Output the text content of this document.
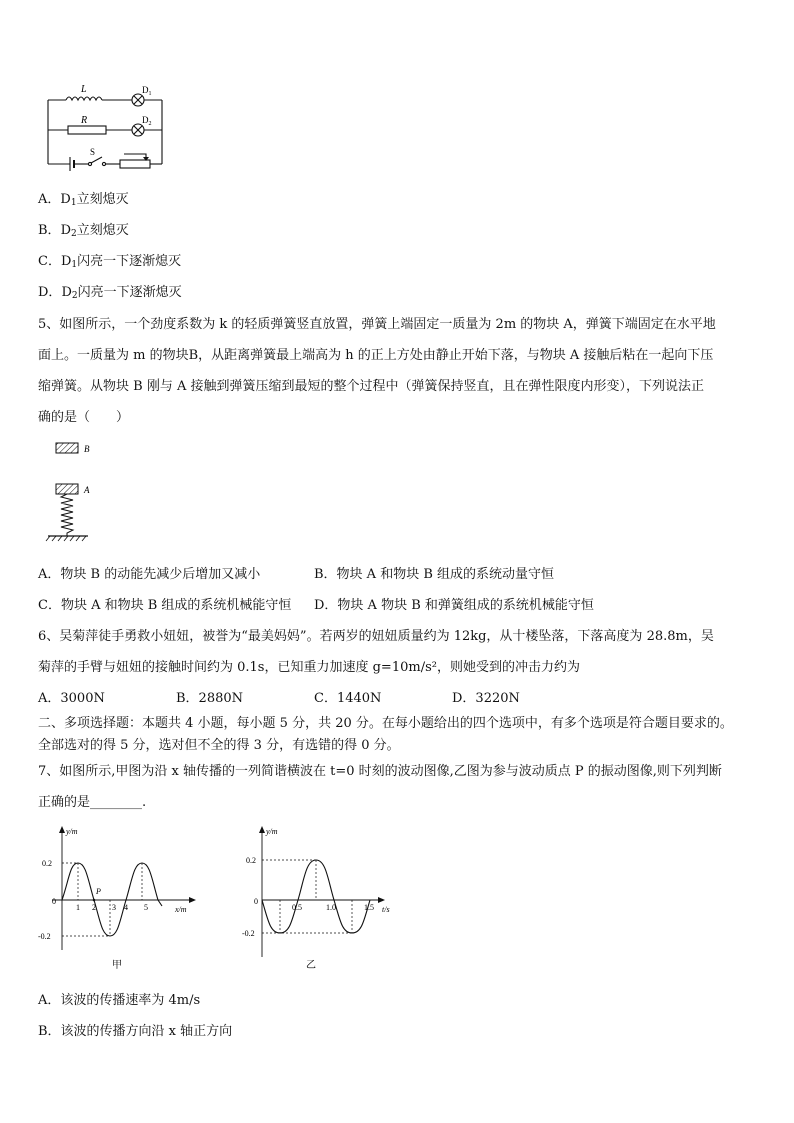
L
R
S
$D_1$
$D_2$
A．$D_1$立刻熄灭
B．$D_2$立刻熄灭
C．$D_1$闪亮一下逐渐熄灭
D．$D_2$闪亮一下逐渐熄灭
5、如图所示，一个劲度系数为 k 的轻质弹簧竖直放置，弹簧上端固定一质量为 2m 的物块 A，弹簧下端固定在水平地
面上。一质量为 m 的物块B，从距离弹簧最上端高为 h 的正上方处由静止开始下落，与物块 A 接触后粘在一起向下压
缩弹簧。从物块 B 刚与 A 接触到弹簧压缩到最短的整个过程中（弹簧保持竖直，且在弹性限度内形变），下列说法正
确的是（　　）
B
A
A．物块 B 的动能先减少后增加又减小	B．物块 A 和物块 B 组成的系统动量守恒
C．物块 A 和物块 B 组成的系统机械能守恒 D．物块 A 物块 B 和弹簧组成的系统机械能守恒
6、吴菊萍徒手勇救小妞妞，被誉为“最美妈妈”。若两岁的妞妞质量约为 12kg，从十楼坠落，下落高度为 28.8m，吴
菊萍的手臂与妞妞的接触时间约为 0.1s，已知重力加速度 g=10m/s²，则她受到的冲击力约为
A．3000N	B．2880N	C．1440N	D．3220N
二、多项选择题：本题共 4 小题，每小题 5 分，共 20 分。在每小题给出的四个选项中，有多个选项是符合题目要求的。
全部选对的得 5 分，选对但不全的得 3 分，有选错的得 0 分。
7、如图所示,甲图为沿 x 轴传播的一列简谐横波在 t=0 时刻的波动图像,乙图为参与波动质点 P 的振动图像,则下列判断
正确的是________.
y/m
x/m
P
0.2
0
-0.2
1 2 3 4 5
甲
y/m
t/s
0.2
0
-0.2
0.5	1.0	1.5
乙
A．该波的传播速率为 4m/s
B．该波的传播方向沿 x 轴正方向
